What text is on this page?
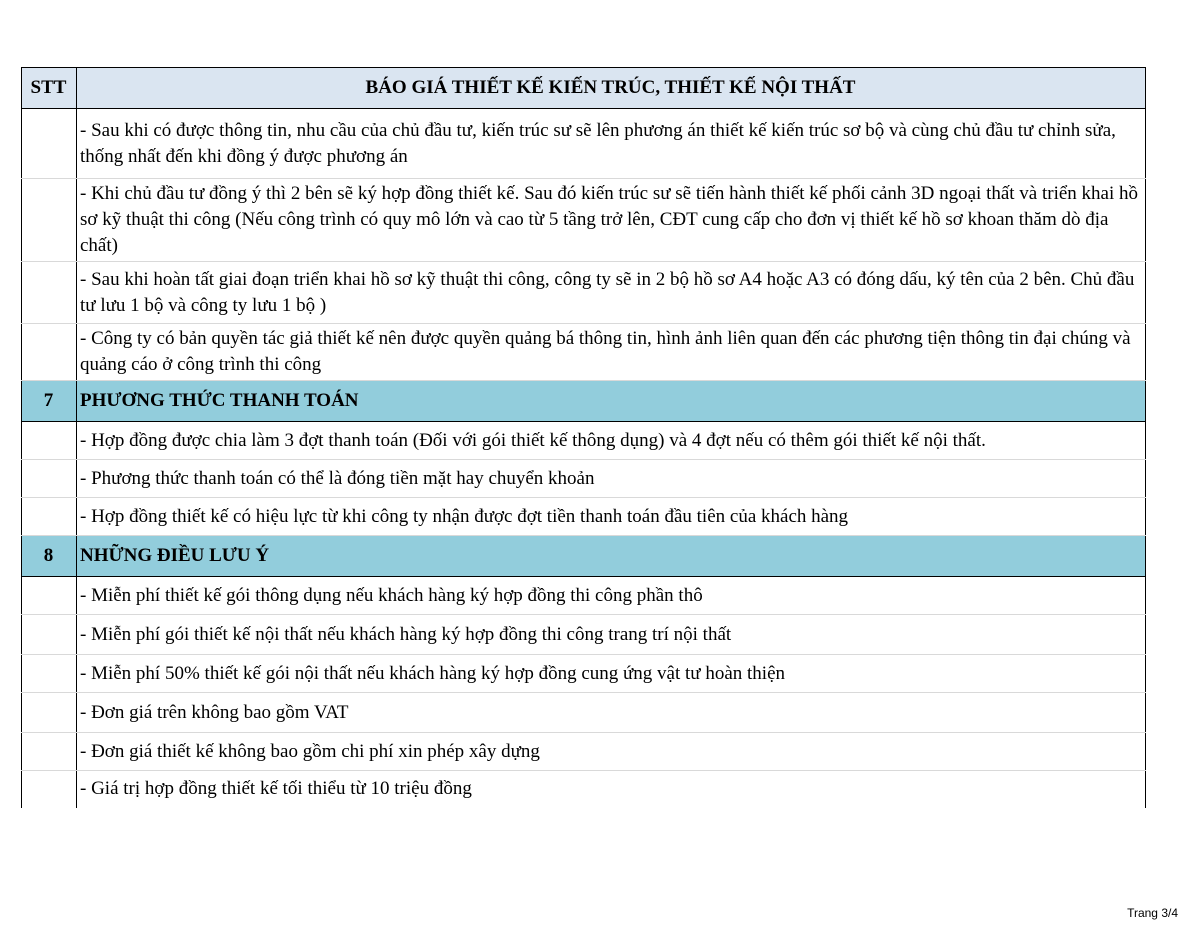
STT	BÁO GIÁ THIẾT KẾ KIẾN TRÚC, THIẾT KẾ NỘI THẤT
	- Sau khi có được thông tin, nhu cầu của chủ đầu tư, kiến trúc sư sẽ lên phương án thiết kế kiến trúc sơ bộ và cùng chủ đầu tư chỉnh sửa, thống nhất đến khi đồng ý được phương án
	- Khi chủ đầu tư đồng ý thì 2 bên sẽ ký hợp đồng thiết kế. Sau đó kiến trúc sư sẽ tiến hành thiết kế phối cảnh 3D ngoại thất và triển khai hồ sơ kỹ thuật thi công (Nếu công trình có quy mô lớn và cao từ 5 tầng trở lên, CĐT cung cấp cho đơn vị thiết kế hồ sơ khoan thăm dò địa chất)
	- Sau khi hoàn tất giai đoạn triển khai hồ sơ kỹ thuật thi công, công ty sẽ in 2 bộ hồ sơ A4 hoặc A3 có đóng dấu, ký tên của 2 bên. Chủ đầu tư lưu 1 bộ và công ty lưu 1 bộ )
	- Công ty có bản quyền tác giả thiết kế nên được quyền quảng bá thông tin, hình ảnh liên quan đến các phương tiện thông tin đại chúng và quảng cáo ở công trình thi công
7	PHƯƠNG THỨC THANH TOÁN
	- Hợp đồng được chia làm 3 đợt thanh toán (Đối với gói thiết kế thông dụng) và 4 đợt nếu có thêm gói thiết kế nội thất.
	- Phương thức thanh toán có thể là đóng tiền mặt hay chuyển khoản
	- Hợp đồng thiết kế có hiệu lực từ khi công ty nhận được đợt tiền thanh toán đầu tiên của khách hàng
8	NHỮNG ĐIỀU LƯU Ý
	- Miễn phí thiết kế gói thông dụng nếu khách hàng ký hợp đồng thi công phần thô
	- Miễn phí gói thiết kế nội thất nếu khách hàng ký hợp đồng thi công trang trí nội thất
	- Miễn phí 50% thiết kế gói nội thất nếu khách hàng ký hợp đồng cung ứng vật tư hoàn thiện
	- Đơn giá trên không bao gồm VAT
	- Đơn giá thiết kế không bao gồm chi phí xin phép xây dựng
	- Giá trị hợp đồng thiết kế tối thiểu từ 10 triệu đồng
Trang 3/4
